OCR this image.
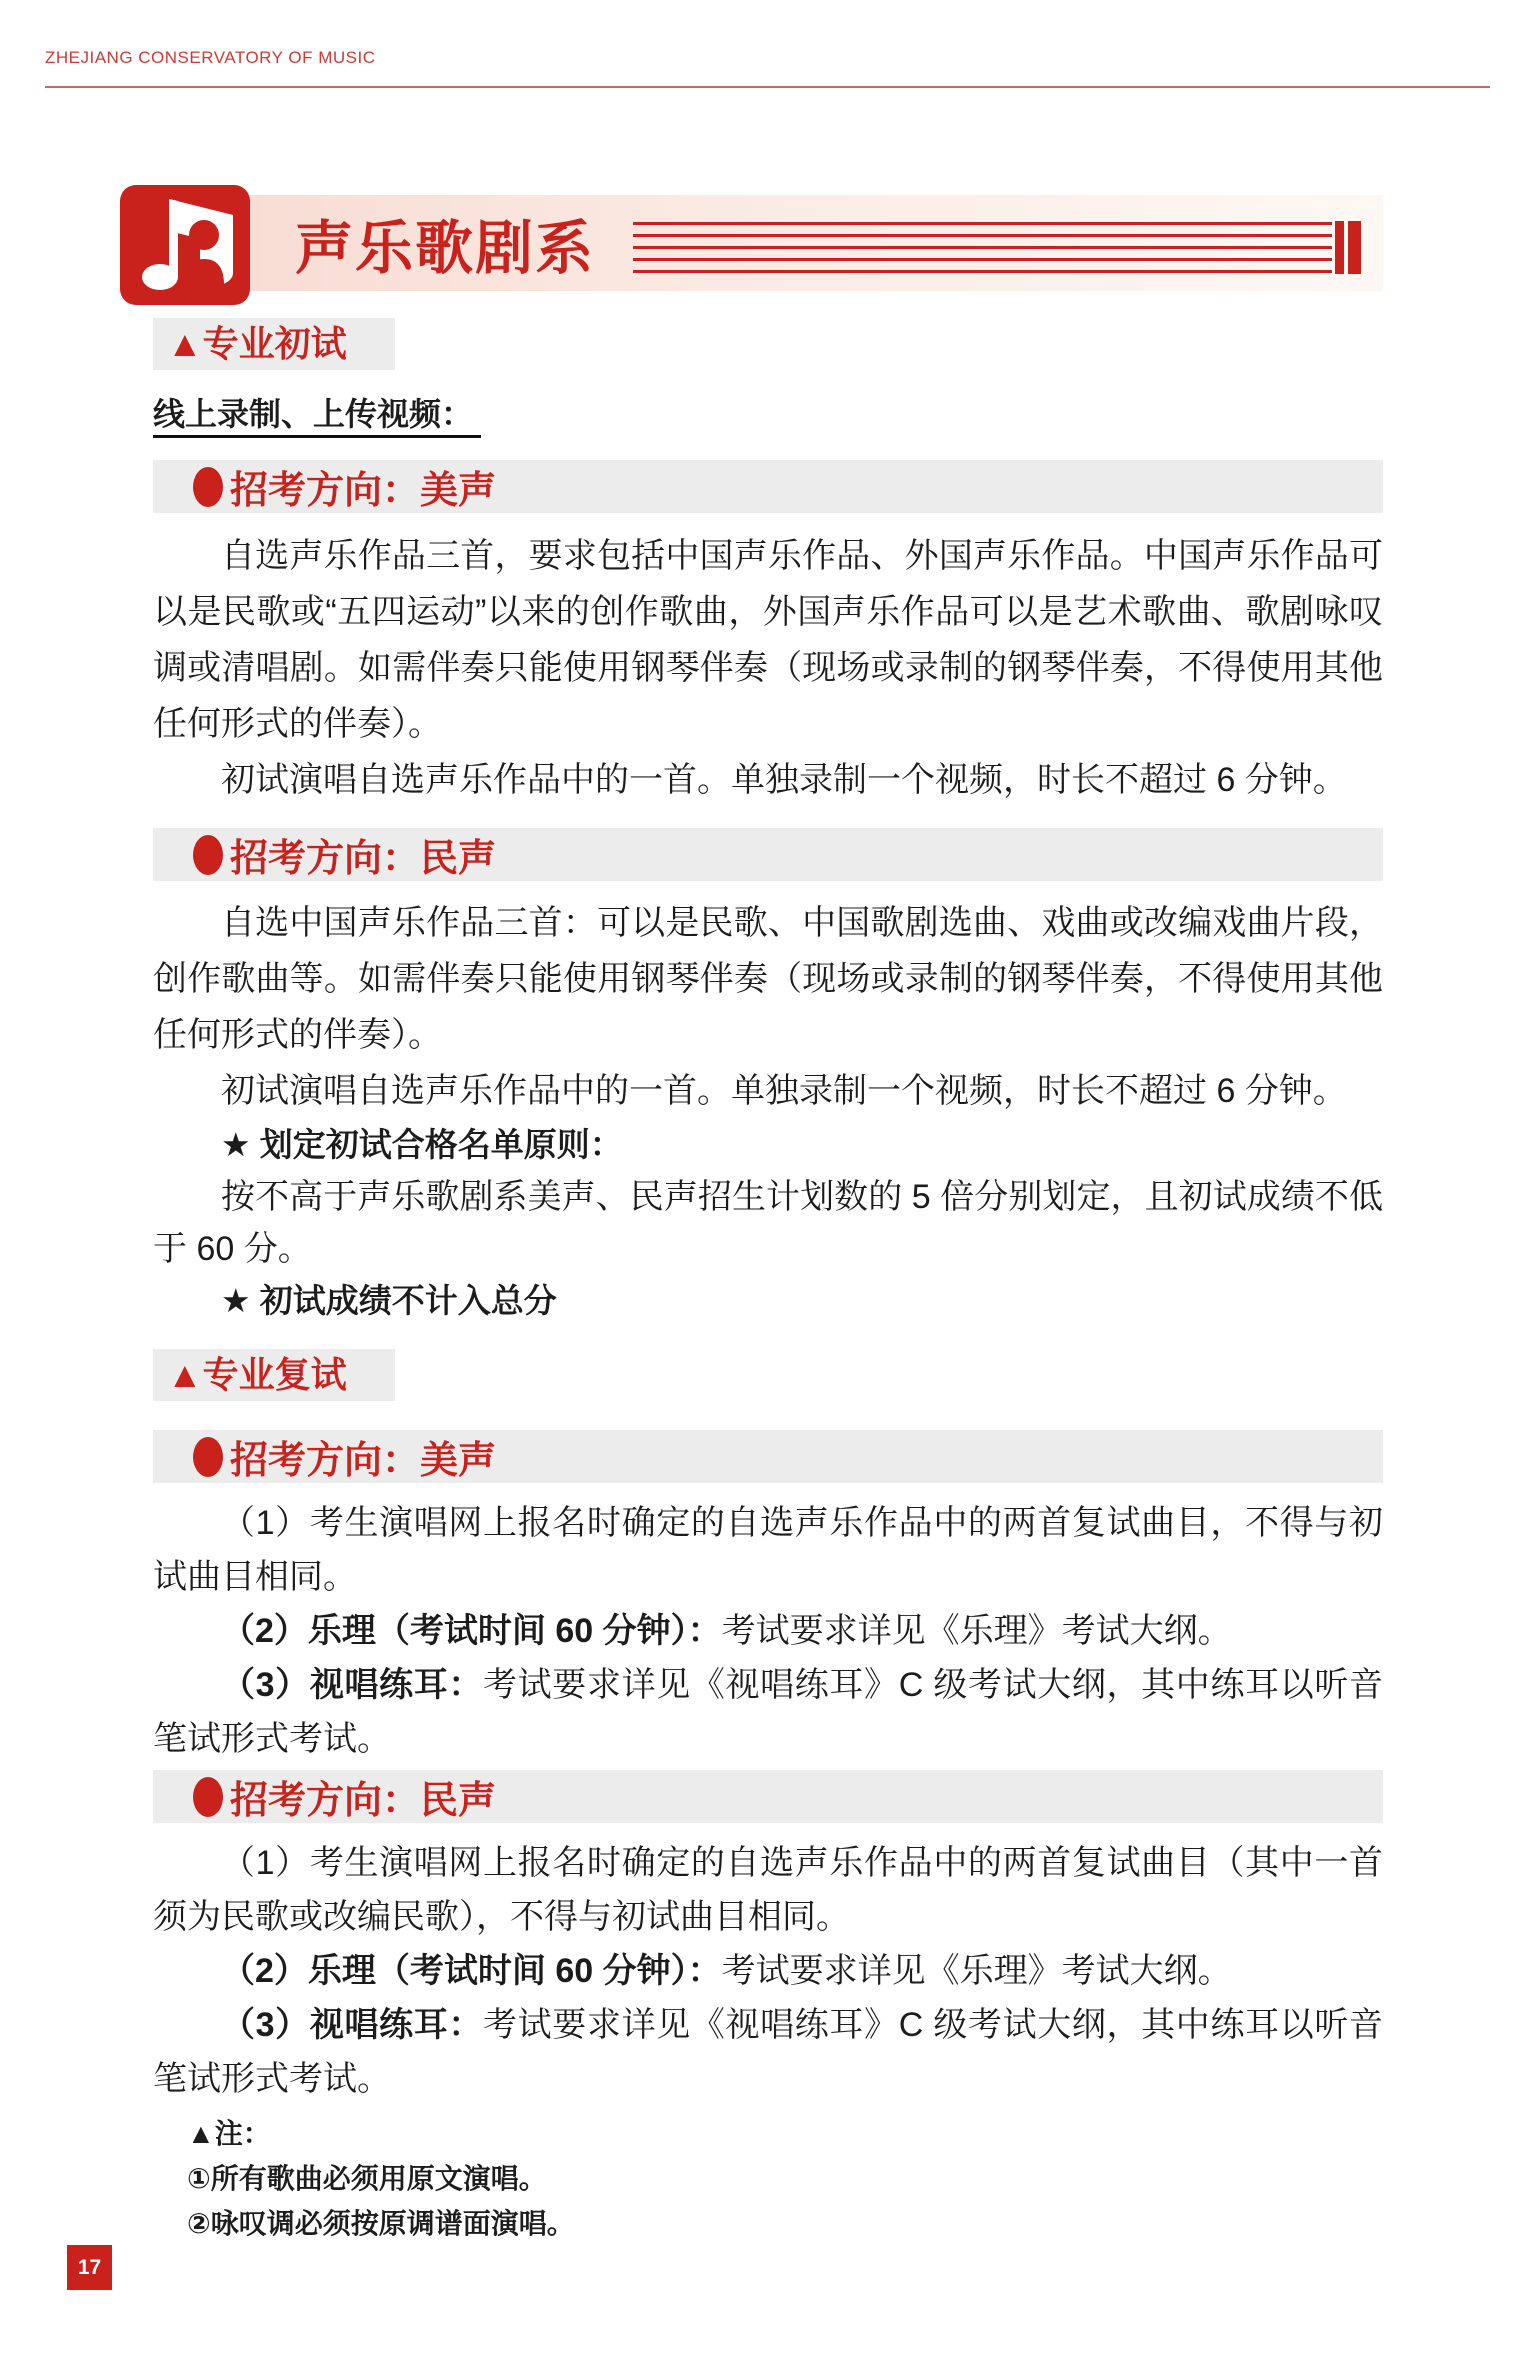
ZHEJIANG CONSERVATORY OF MUSIC
声乐歌剧系
▲专业初试
线上录制、上传视频：
招考方向：美声

自选声乐作品三首，要求包括中国声乐作品、外国声乐作品。中国声乐作品可以是民歌或“五四运动”以来的创作歌曲，外国声乐作品可以是艺术歌曲、歌剧咏叹调或清唱剧。如需伴奏只能使用钢琴伴奏（现场或录制的钢琴伴奏，不得使用其他任何形式的伴奏）。

初试演唱自选声乐作品中的一首。单独录制一个视频，时长不超过 6 分钟。

招考方向：民声

自选中国声乐作品三首：可以是民歌、中国歌剧选曲、戏曲或改编戏曲片段，创作歌曲等。如需伴奏只能使用钢琴伴奏（现场或录制的钢琴伴奏，不得使用其他任何形式的伴奏）。

初试演唱自选声乐作品中的一首。单独录制一个视频，时长不超过 6 分钟。

★ 划定初试合格名单原则：

按不高于声乐歌剧系美声、民声招生计划数的 5 倍分别划定，且初试成绩不低于 60 分。

★ 初试成绩不计入总分

▲专业复试
招考方向：美声

（1）考生演唱网上报名时确定的自选声乐作品中的两首复试曲目，不得与初试曲目相同。

（2）乐理（考试时间 60 分钟）：考试要求详见《乐理》考试大纲。

（3）视唱练耳：考试要求详见《视唱练耳》C 级考试大纲，其中练耳以听音笔试形式考试。

招考方向：民声

（1）考生演唱网上报名时确定的自选声乐作品中的两首复试曲目（其中一首须为民歌或改编民歌），不得与初试曲目相同。

（2）乐理（考试时间 60 分钟）：考试要求详见《乐理》考试大纲。

（3）视唱练耳：考试要求详见《视唱练耳》C 级考试大纲，其中练耳以听音笔试形式考试。

▲注：

①所有歌曲必须用原文演唱。

②咏叹调必须按原调谱面演唱。

17
